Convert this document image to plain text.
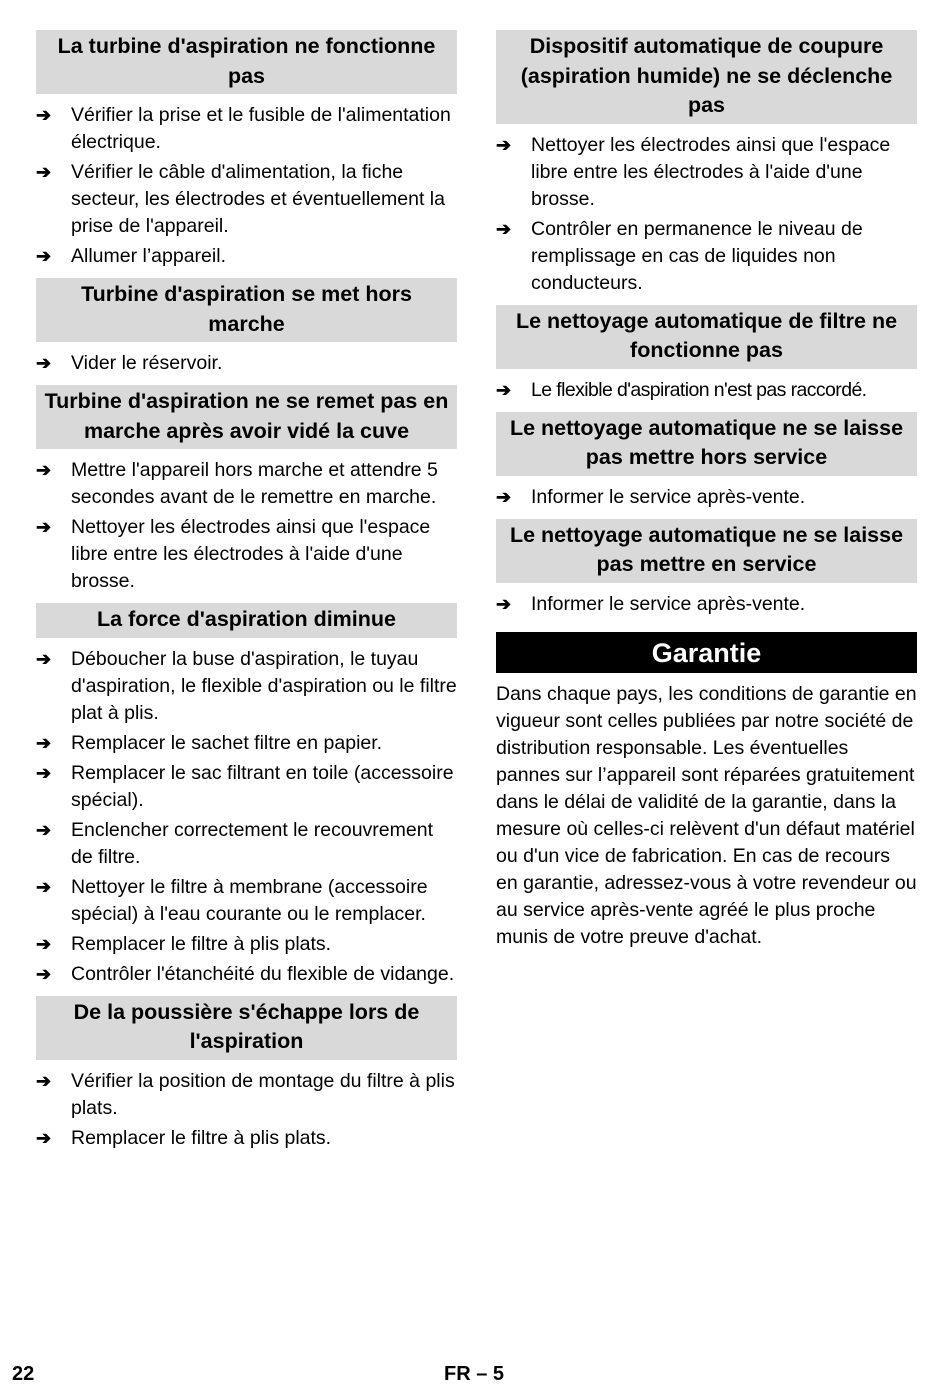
La turbine d'aspiration ne fonctionne pas
➔ Vérifier la prise et le fusible de l'alimentation électrique.
➔ Vérifier le câble d'alimentation, la fiche secteur, les électrodes et éventuellement la prise de l'appareil.
➔ Allumer l’appareil.
Turbine d'aspiration se met hors marche
➔ Vider le réservoir.
Turbine d'aspiration ne se remet pas en marche après avoir vidé la cuve
➔ Mettre l'appareil hors marche et attendre 5 secondes avant de le remettre en marche.
➔ Nettoyer les électrodes ainsi que l'espace libre entre les électrodes à l'aide d'une brosse.
La force d'aspiration diminue
➔ Déboucher la buse d'aspiration, le tuyau d'aspiration, le flexible d'aspiration ou le filtre plat à plis.
➔ Remplacer le sachet filtre en papier.
➔ Remplacer le sac filtrant en toile (accessoire spécial).
➔ Enclencher correctement le recouvrement de filtre.
➔ Nettoyer le filtre à membrane (accessoire spécial) à l'eau courante ou le remplacer.
➔ Remplacer le filtre à plis plats.
➔ Contrôler l'étanchéité du flexible de vidange.
De la poussière s'échappe lors de l'aspiration
➔ Vérifier la position de montage du filtre à plis plats.
➔ Remplacer le filtre à plis plats.
Dispositif automatique de coupure (aspiration humide) ne se déclenche pas
➔ Nettoyer les électrodes ainsi que l'espace libre entre les électrodes à l'aide d'une brosse.
➔ Contrôler en permanence le niveau de remplissage en cas de liquides non conducteurs.
Le nettoyage automatique de filtre ne fonctionne pas
➔ Le flexible d'aspiration n'est pas raccordé.
Le nettoyage automatique ne se laisse pas mettre hors service
➔ Informer le service après-vente.
Le nettoyage automatique ne se laisse pas mettre en service
➔ Informer le service après-vente.
Garantie

Dans chaque pays, les conditions de garantie en vigueur sont celles publiées par notre société de distribution responsable. Les éventuelles pannes sur l’appareil sont réparées gratuitement dans le délai de validité de la garantie, dans la mesure où celles-ci relèvent d'un défaut matériel ou d'un vice de fabrication. En cas de recours en garantie, adressez-vous à votre revendeur ou au service après-vente agréé le plus proche munis de votre preuve d'achat.

22	FR – 5
